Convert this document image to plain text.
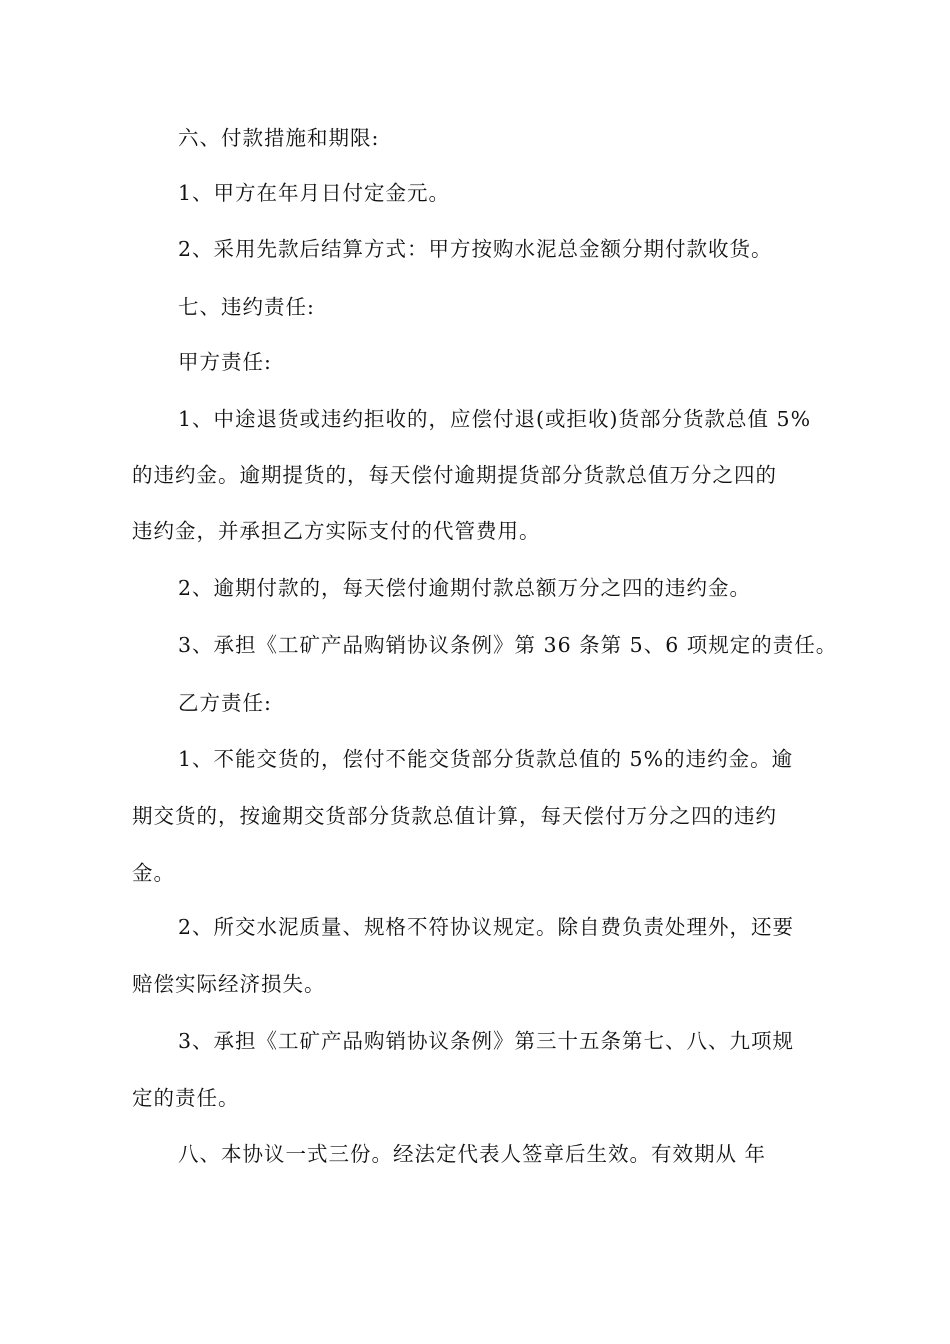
六、付款措施和期限:
1、甲方在年月日付定金元。
2、采用先款后结算方式：甲方按购水泥总金额分期付款收货。
七、违约责任:
甲方责任:
1、中途退货或违约拒收的，应偿付退(或拒收)货部分货款总值 5%
的违约金。逾期提货的，每天偿付逾期提货部分货款总值万分之四的
违约金，并承担乙方实际支付的代管费用。
2、逾期付款的，每天偿付逾期付款总额万分之四的违约金。
3、承担《工矿产品购销协议条例》第 36 条第 5、6 项规定的责任。
乙方责任:
1、不能交货的，偿付不能交货部分货款总值的 5%的违约金。逾
期交货的，按逾期交货部分货款总值计算，每天偿付万分之四的违约
金。
2、所交水泥质量、规格不符协议规定。除自费负责处理外，还要
赔偿实际经济损失。
3、承担《工矿产品购销协议条例》第三十五条第七、八、九项规
定的责任。
八、本协议一式三份。经法定代表人签章后生效。有效期从 年
